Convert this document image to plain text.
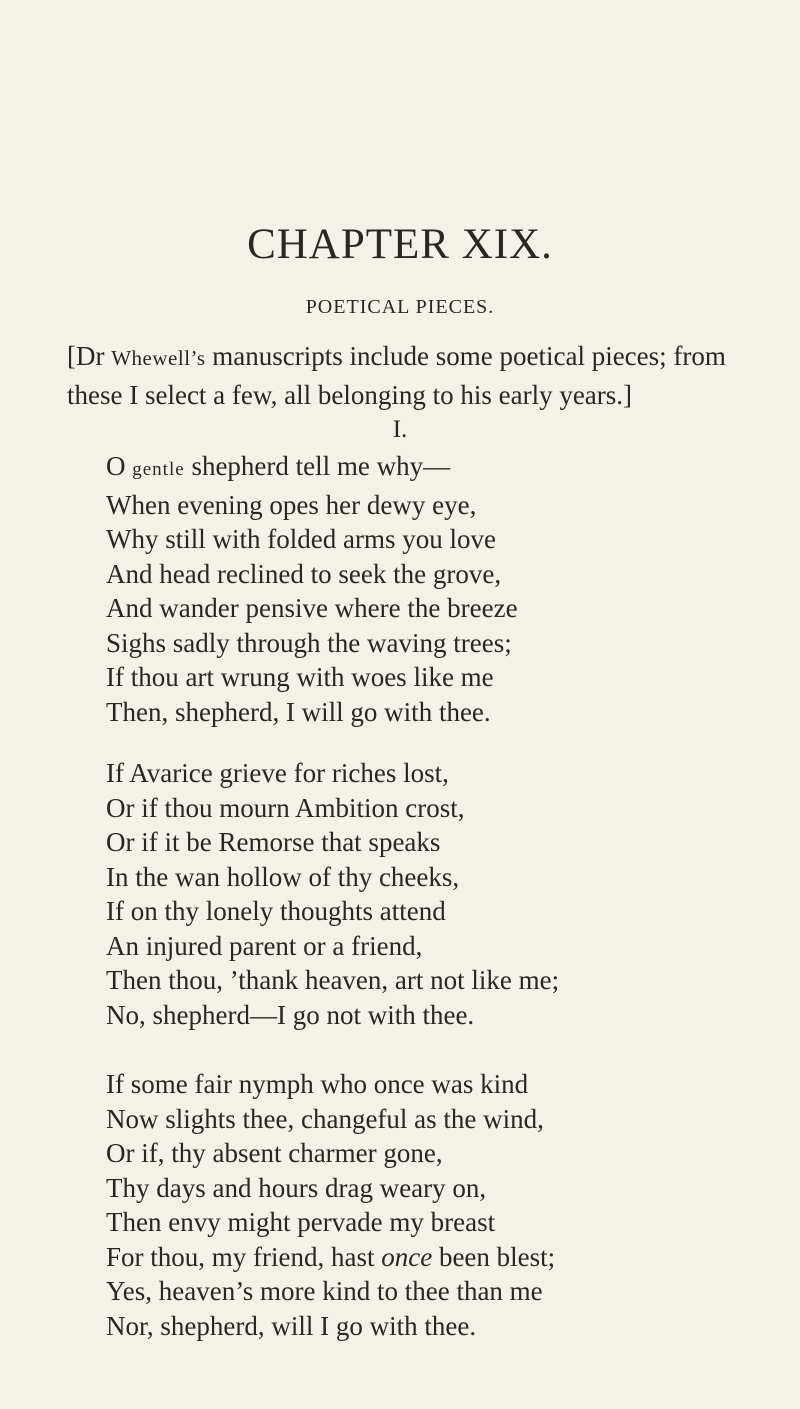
CHAPTER XIX.
POETICAL PIECES.
[Dr Whewell’s manuscripts include some poetical pieces; from
these I select a few, all belonging to his early years.]
I.
O gentle shepherd tell me why—
When evening opes her dewy eye,
Why still with folded arms you love
And head reclined to seek the grove,
And wander pensive where the breeze
Sighs sadly through the waving trees;
If thou art wrung with woes like me
Then, shepherd, I will go with thee.
If Avarice grieve for riches lost,
Or if thou mourn Ambition crost,
Or if it be Remorse that speaks
In the wan hollow of thy cheeks,
If on thy lonely thoughts attend
An injured parent or a friend,
Then thou, ’thank heaven, art not like me;
No, shepherd—I go not with thee.
If some fair nymph who once was kind
Now slights thee, changeful as the wind,
Or if, thy absent charmer gone,
Thy days and hours drag weary on,
Then envy might pervade my breast
For thou, my friend, hast once been blest;
Yes, heaven’s more kind to thee than me
Nor, shepherd, will I go with thee.
